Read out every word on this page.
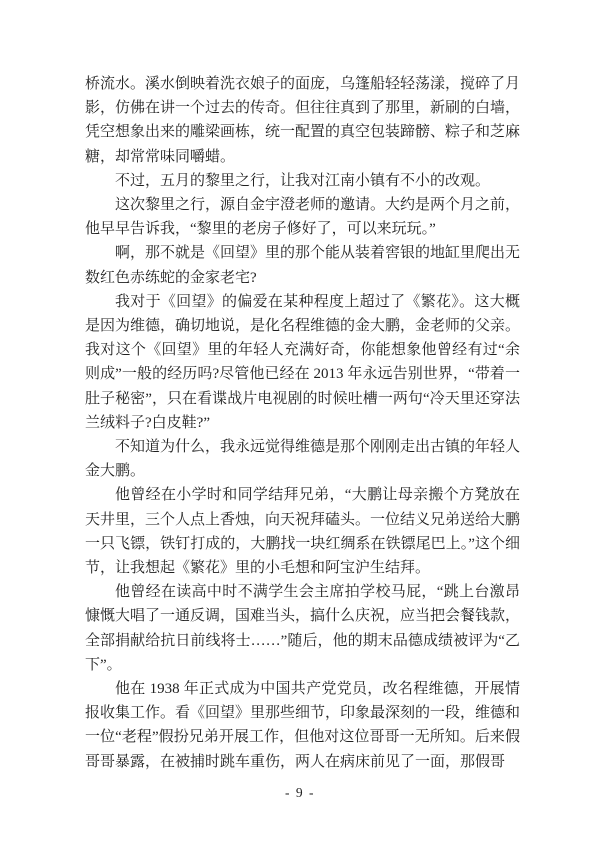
桥流水。溪水倒映着洗衣娘子的面庞，乌篷船轻轻荡漾，搅碎了月影，仿佛在讲一个过去的传奇。但往往真到了那里，新刷的白墙，凭空想象出来的雕梁画栋，统一配置的真空包装蹄髈、粽子和芝麻糖，却常常味同嚼蜡。

不过，五月的黎里之行，让我对江南小镇有不小的改观。

这次黎里之行，源自金宇澄老师的邀请。大约是两个月之前，他早早告诉我，“黎里的老房子修好了，可以来玩玩。”

啊，那不就是《回望》里的那个能从装着窖银的地缸里爬出无数红色赤练蛇的金家老宅?

我对于《回望》的偏爱在某种程度上超过了《繁花》。这大概是因为维德，确切地说，是化名程维德的金大鹏，金老师的父亲。我对这个《回望》里的年轻人充满好奇，你能想象他曾经有过“余则成”一般的经历吗?尽管他已经在 2013 年永远告别世界，“带着一肚子秘密”，只在看谍战片电视剧的时候吐槽一两句“冷天里还穿法兰绒料子?白皮鞋?”

不知道为什么，我永远觉得维德是那个刚刚走出古镇的年轻人金大鹏。

他曾经在小学时和同学结拜兄弟，“大鹏让母亲搬个方凳放在天井里，三个人点上香烛，向天祝拜磕头。一位结义兄弟送给大鹏一只飞镖，铁钉打成的，大鹏找一块红绸系在铁镖尾巴上。”这个细节，让我想起《繁花》里的小毛想和阿宝沪生结拜。

他曾经在读高中时不满学生会主席拍学校马屁，“跳上台激昂慷慨大唱了一通反调，国难当头，搞什么庆祝，应当把会餐钱款，全部捐献给抗日前线将士……”随后，他的期末品德成绩被评为“乙下”。

他在 1938 年正式成为中国共产党党员，改名程维德，开展情报收集工作。看《回望》里那些细节，印象最深刻的一段，维德和一位“老程”假扮兄弟开展工作，但他对这位哥哥一无所知。后来假哥哥暴露，在被捕时跳车重伤，两人在病床前见了一面，那假哥

- 9 -
